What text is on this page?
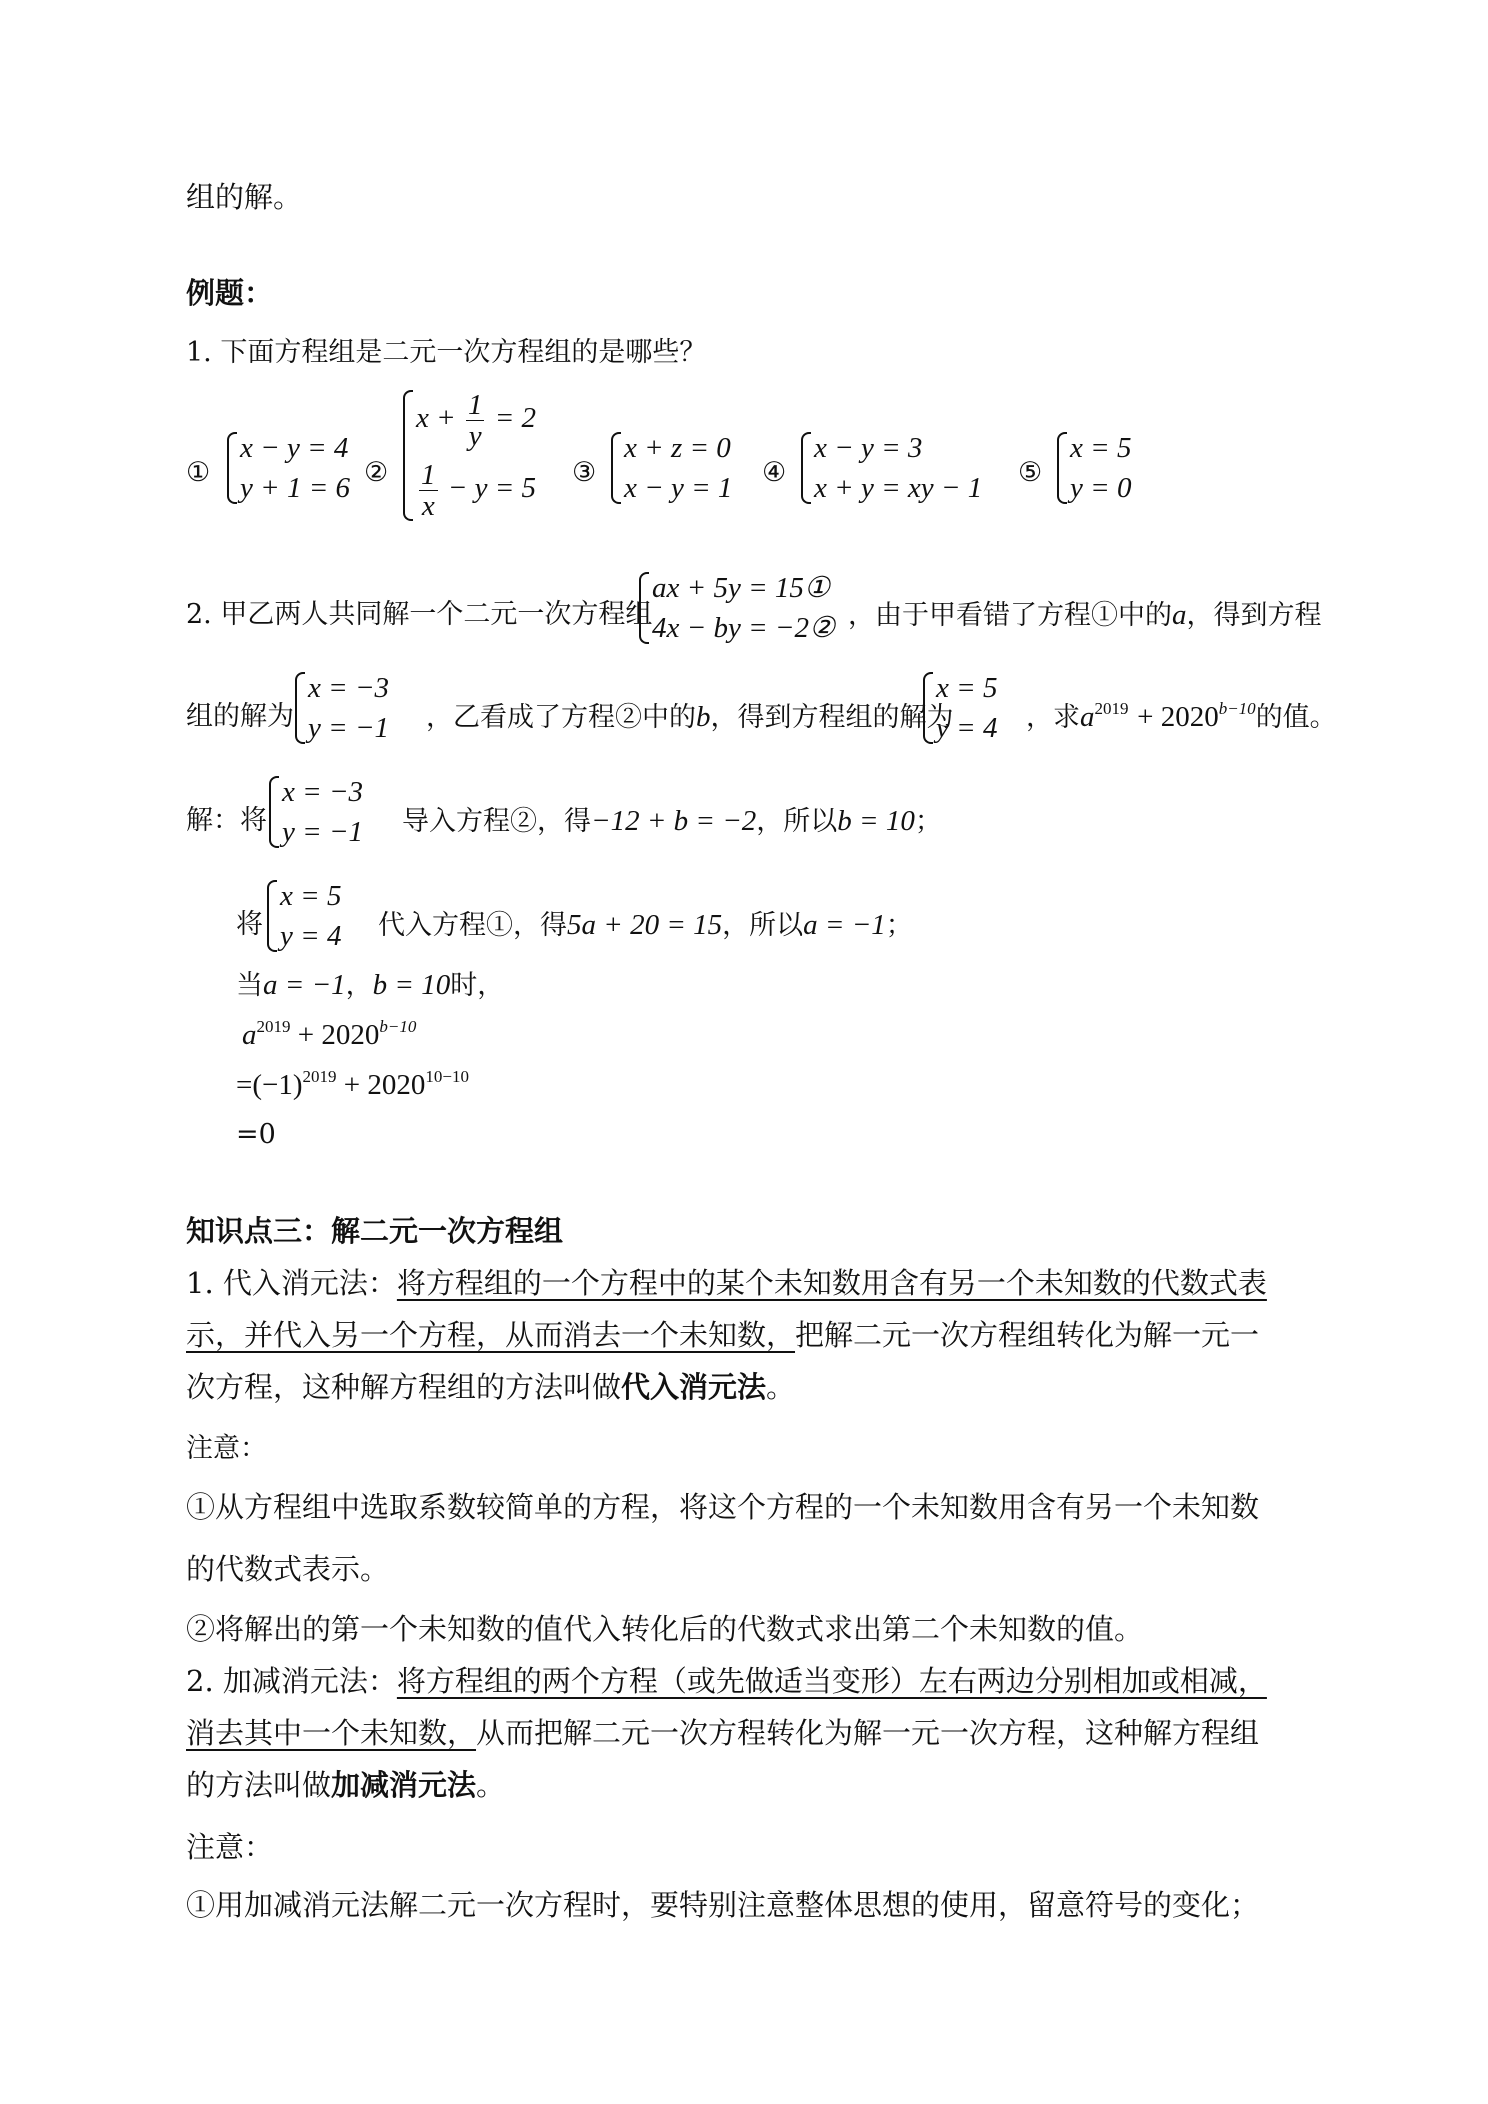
组的解。
例题：
1. 下面方程组是二元一次方程组的是哪些？
①
x − y = 4
y + 1 = 6 ②
$x + \frac{1}{y} = 2$
$\frac{1}{x} - y = 5$ ③
x + z = 0
x − y = 1 ④
x − y = 3
x + y = xy − 1 ⑤
x = 5
y = 0
2. 甲乙两人共同解一个二元一次方程组
ax + 5y = 15①
4x − by = −2② ，由于甲看错了方程①中的a，得到方程
组的解为
x = −3
y = −1 ，乙看成了方程②中的b，得到方程组的解为
x = 5
y = 4 ，求$a^{2019} + 2020^{b-10}$的值。
解：将
x = −3
y = −1 导入方程②，得−12 + b = −2，所以b = 10；
将
x = 5
y = 4 代入方程①，得5a + 20 = 15，所以a = −1；
当a = −1，b = 10时，
$a^{2019} + 2020^{b-10}$
$=(-1)^{2019} + 2020^{10-10}$
=0
知识点三：解二元一次方程组
1. 代入消元法：将方程组的一个方程中的某个未知数用含有另一个未知数的代数式表
示，并代入另一个方程，从而消去一个未知数，把解二元一次方程组转化为解一元一
次方程，这种解方程组的方法叫做代入消元法。
注意：
①从方程组中选取系数较简单的方程，将这个方程的一个未知数用含有另一个未知数
的代数式表示。
②将解出的第一个未知数的值代入转化后的代数式求出第二个未知数的值。
2. 加减消元法：将方程组的两个方程（或先做适当变形）左右两边分别相加或相减，
消去其中一个未知数，从而把解二元一次方程转化为解一元一次方程，这种解方程组
的方法叫做加减消元法。
注意：
①用加减消元法解二元一次方程时，要特别注意整体思想的使用，留意符号的变化；
